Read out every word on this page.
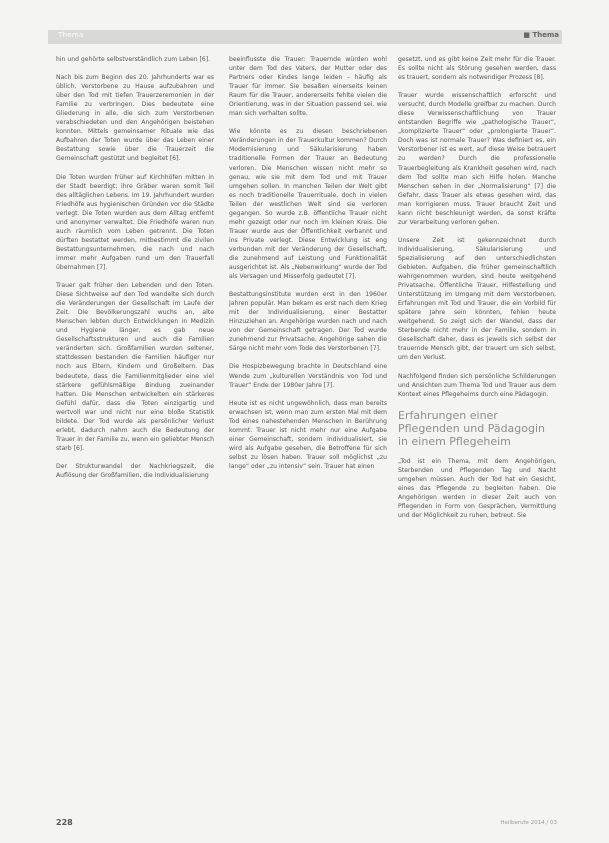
Thema	■ Thema

hin und gehörte selbstverständlich zum Leben [6].

Nach bis zum Beginn des 20. Jahrhunderts war es üblich, Verstorbene zu Hause aufzubahren und über den Tod mit tiefen Trauerzeremonien in der Familie zu verbringen. Dies bedeutete eine Gliederung in alle, die sich zum Verstorbenen verabschiedeten und den Angehörigen beistehen konnten. Mittels gemeinsamer Rituale wie das Aufbahren der Toten wurde über das Leben einer Bestattung sowie über die Trauerzeit die Gemeinschaft gestützt und begleitet [6].

Die Toten wurden früher auf Kirchhöfen mitten in der Stadt beerdigt; ihre Gräber waren somit Teil des alltäglichen Lebens. Im 19. Jahrhundert wurden Friedhöfe aus hygienischen Gründen vor die Städte verlegt. Die Toten wurden aus dem Alltag entfernt und anonymer verwaltet. Die Friedhöfe waren nun auch räumlich vom Leben getrennt. Die Toten dürften bestattet werden, mitbestimmt die zivilen Bestattungsunternehmen, die nach und nach immer mehr Aufgaben rund um den Trauerfall übernahmen [7].

Trauer galt früher den Lebenden und den Toten. Diese Sichtweise auf den Tod wandelte sich durch die Veränderungen der Gesellschaft im Laufe der Zeit. Die Bevölkerungszahl wuchs an, alte Menschen lebten durch Entwicklungen in Medizin und Hygiene länger, es gab neue Gesellschaftsstrukturen und auch die Familien veränderten sich. Großfamilien wurden seltener, stattdessen bestanden die Familien häufiger nur noch aus Eltern, Kindern und Großeltern. Das bedeutete, dass die Familienmitglieder eine viel stärkere gefühlsmäßige Bindung zueinander hatten. Die Menschen entwickelten ein stärkeres Gefühl dafür, dass die Toten einzigartig und wertvoll war und nicht nur eine bloße Statistik bildete. Der Tod wurde als persönlicher Verlust erlebt, dadurch nahm auch die Bedeutung der Trauer in der Familie zu, wenn ein geliebter Mensch starb [6].

Der Strukturwandel der Nachkriegszeit, die Auflösung der Großfamilien, die Individualisierung

beeinflusste die Trauer: Trauernde würden wohl unter dem Tod des Vaters, der Mutter oder des Partners oder Kindes lange leiden – häufig als Trauer für immer. Sie besaßen einerseits keinen Raum für die Trauer, andererseits fehlte vielen die Orientierung, was in der Situation passend sei, wie man sich verhalten sollte.

Wie könnte es zu diesen beschriebenen Veränderungen in der Trauerkultur kommen? Durch Modernisierung und Säkularisierung haben traditionelle Formen der Trauer an Bedeutung verloren. Die Menschen wissen nicht mehr so genau, wie sie mit dem Tod und mit Trauer umgehen sollen. In manchen Teilen der Welt gibt es noch traditionelle Trauerrituale, doch in vielen Teilen der westlichen Welt sind sie verloren gegangen. So wurde z.B. öffentliche Trauer nicht mehr gezeigt oder nur noch im kleinen Kreis. Die Trauer wurde aus der Öffentlichkeit verbannt und ins Private verlegt. Diese Entwicklung ist eng verbunden mit der Veränderung der Gesellschaft, die zunehmend auf Leistung und Funktionalität ausgerichtet ist. Als „Nebenwirkung“ wurde der Tod als Versagen und Misserfolg gedeutet [7].

Bestattungsinstitute wurden erst in den 1960er Jahren populär. Man bekam es erst nach dem Krieg mit der Individualisierung, einer Bestatter Hinzuziehen an. Angehörige wurden nach und nach von der Gemeinschaft getragen. Der Tod wurde zunehmend zur Privatsache. Angehörige sahen die Särge nicht mehr vom Tode des Verstorbenen [7].

Die Hospizbewegung brachte in Deutschland eine Wende zum „kulturellen Verständnis von Tod und Trauer“ Ende der 1980er Jahre [7].

Heute ist es nicht ungewöhnlich, dass man bereits erwachsen ist, wenn man zum ersten Mal mit dem Tod eines nahestehenden Menschen in Berührung kommt. Trauer ist nicht mehr nur eine Aufgabe einer Gemeinschaft, sondern individualisiert, sie wird als Aufgabe gesehen, die Betroffene für sich selbst zu lösen haben. Trauer soll möglichst „zu lange“ oder „zu intensiv“ sein. Trauer hat einen

gesetzt, und es gibt keine Zeit mehr für die Trauer. Es sollte nicht als Störung gesehen werden, dass es trauert, sondern als notwendiger Prozess [8].

Trauer wurde wissenschaftlich erforscht und versucht, durch Modelle greifbar zu machen. Durch diese Verwissenschaftlichung von Trauer entstanden Begriffe wie „pathologische Trauer“, „komplizierte Trauer“ oder „prolongierte Trauer“. Doch was ist normale Trauer? Was definiert es, ein Verstorbener ist es wert, auf diese Weise betrauert zu werden? Durch die professionelle Trauerbegleitung als Krankheit gesehen wird, nach dem Tod sollte man sich Hilfe holen. Manche Menschen sehen in der „Normalisierung“ [7] die Gefahr, dass Trauer als etwas gesehen wird, das man korrigieren muss. Trauer braucht Zeit und kann nicht beschleunigt werden, da sonst Kräfte zur Verarbeitung verloren gehen.

Unsere Zeit ist gekennzeichnet durch Individualisierung, Säkularisierung und Spezialisierung auf den unterschiedlichsten Gebieten. Aufgaben, die früher gemeinschaftlich wahrgenommen wurden, sind heute weitgehend Privatsache. Öffentliche Trauer, Hilfestellung und Unterstützung im Umgang mit dem Verstorbenen, Erfahrungen mit Tod und Trauer, die ein Vorbild für spätere Jahre sein könnten, fehlen heute weitgehend. So zeigt sich der Wandel, dass der Sterbende nicht mehr in der Familie, sondern in Gesellschaft daher, dass es jeweils sich selbst der trauernde Mensch gibt, der trauert um sich selbst, um den Verlust.

Nachfolgend finden sich persönliche Schilderungen und Ansichten zum Thema Tod und Trauer aus dem Kontext eines Pflegeheims durch eine Pädagogin.

Erfahrungen einer Pflegenden und Pädagogin in einem Pflegeheim

„Tod ist ein Thema, mit dem Angehörigen, Sterbenden und Pflegenden Tag und Nacht umgehen müssen. Auch der Tod hat ein Gesicht, eines das Pflegende zu begleiten haben. Die Angehörigen werden in dieser Zeit auch von Pflegenden in Form von Gesprächen, Vermittlung und der Möglichkeit zu ruhen, betreut. Sie

228	Heilberufe 2014 / 03
